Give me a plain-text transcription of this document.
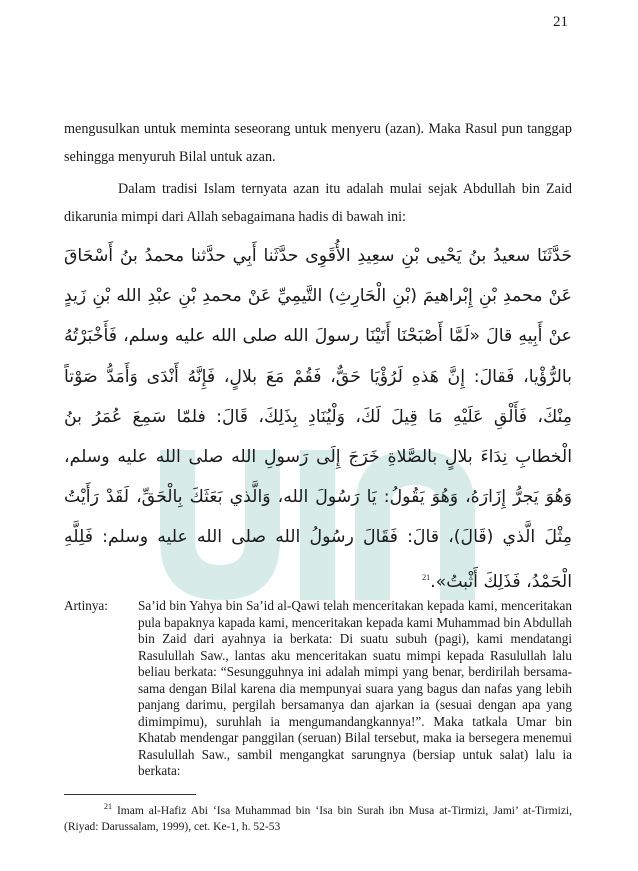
21

mengusulkan untuk meminta seseorang untuk menyeru (azan). Maka Rasul pun tanggap sehingga menyuruh Bilal untuk azan.

Dalam tradisi Islam ternyata azan itu adalah mulai sejak Abdullah bin Zaid dikarunia mimpi dari Allah sebagaimana hadis di bawah ini:

حَدَّثَنَا سعيدُ بنُ يَحْيى بْنِ سعِيدِ الأُقَوِى حدَّثَنا أَبِي حدَّثنا محمدُ بنُ أَسْحَاقَ عَنْ محمدِ بْنِ إِبْراهيمَ (بْنِ الْحَارِثِ) التَّيمِيِّ عَنْ محمدِ بْنِ عبْدِ الله بْنِ زَيدٍ عنْ أَبِيهِ قالَ «لَمَّا أَصْبَحْنَا أَتَيْنَا رسولَ الله صلى الله عليه وسلم، فَأَخْبَرْتُهُ بالرُّؤْيا، فَقالَ: إِنَّ هَذهِ لَرُؤْيَا حَقٌّ، فَقُمْ مَعَ بلالٍ، فَإِنَّهُ أَنْدَى وَأَمَدُّ صَوْتاً مِنْكَ، فَأَلْقِ عَلَيْهِ مَا قِيلَ لَكَ، وَلْيُنَادِ بِذَلِكَ، قَالَ: فلمّا سَمِعَ عُمَرُ بنُ الْخطابِ نِدَاءَ بلالٍ بالصَّلاةِ خَرَجَ إِلَى رَسولِ الله صلى الله عليه وسلم، وَهُوَ يَجرُّ إِزَارَهُ، وَهُوَ يَقُولُ: يَا رَسُولَ الله، وَالَّذي بَعَثَكَ بِالْحَقِّ، لَقَدْ رَأَيْتُ مِثْلَ الَّذي (قَالَ)، قالَ: فَقَالَ رسُولُ الله صلى الله عليه وسلم: فَلِلَّهِ الْحَمْدُ، فَذَلِكَ أَثْبتُ».$^{21}$

Artinya: Sa’id bin Yahya bin Sa’id al-Qawi telah menceritakan kepada kami, menceritakan pula bapaknya kapada kami, menceritakan kepada kami Muhammad bin Abdullah bin Zaid dari ayahnya ia berkata: Di suatu subuh (pagi), kami mendatangi Rasulullah Saw., lantas aku menceritakan suatu mimpi kepada Rasulullah lalu beliau berkata: “Sesungguhnya ini adalah mimpi yang benar, berdirilah bersama-sama dengan Bilal karena dia mempunyai suara yang bagus dan nafas yang lebih panjang darimu, pergilah bersamanya dan ajarkan ia (sesuai dengan apa yang dimimpimu), suruhlah ia mengumandangkannya!”. Maka tatkala Umar bin Khatab mendengar panggilan (seruan) Bilal tersebut, maka ia bersegera menemui Rasulullah Saw., sambil mengangkat sarungnya (bersiap untuk salat) lalu ia berkata:

$^{21}$ Imam al-Hafiz Abi ‘Isa Muhammad bin ‘Isa bin Surah ibn Musa at-Tirmizi, Jami’ at-Tirmizi, (Riyad: Darussalam, 1999), cet. Ke-1, h. 52-53
